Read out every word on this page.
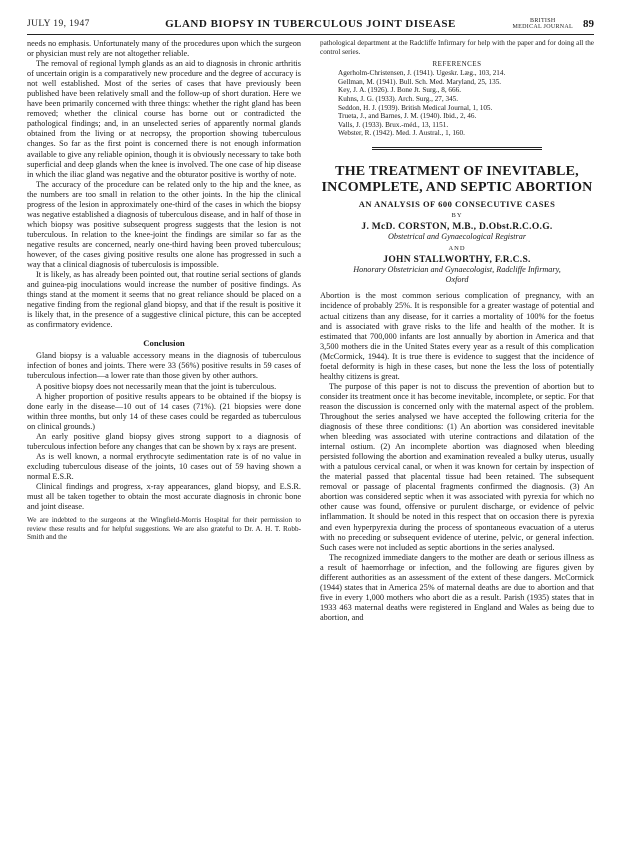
JULY 19, 1947	GLAND BIOPSY IN TUBERCULOUS JOINT DISEASE	BRITISH
MEDICAL JOURNAL 89

needs no emphasis. Unfortunately many of the procedures upon which the surgeon or physician must rely are not altogether reliable.

The removal of regional lymph glands as an aid to diagnosis in chronic arthritis of uncertain origin is a comparatively new procedure and the degree of accuracy is not well established. Most of the series of cases that have previously been published have been relatively small and the follow-up of short duration. Here we have been primarily concerned with three things: whether the right gland has been removed; whether the clinical course has borne out or contradicted the pathological findings; and, in an unselected series of apparently normal glands obtained from the living or at necropsy, the proportion showing tuberculous changes. So far as the first point is concerned there is not enough information available to give any reliable opinion, though it is obviously necessary to take both superficial and deep glands when the knee is involved. The one case of hip disease in which the iliac gland was negative and the obturator positive is worthy of note.

The accuracy of the procedure can be related only to the hip and the knee, as the numbers are too small in relation to the other joints. In the hip the clinical progress of the lesion in approximately one-third of the cases in which the biopsy was negative established a diagnosis of tuberculous disease, and in half of those in which biopsy was positive subsequent progress suggests that the lesion is not tuberculous. In relation to the knee-joint the findings are similar so far as the negative results are concerned, nearly one-third having been proved tuberculous; however, of the cases giving positive results one alone has progressed in such a way that a clinical diagnosis of tuberculosis is impossible.

It is likely, as has already been pointed out, that routine serial sections of glands and guinea-pig inoculations would increase the number of positive findings. As things stand at the moment it seems that no great reliance should be placed on a negative finding from the regional gland biopsy, and that if the result is positive it is likely that, in the presence of a suggestive clinical picture, this can be accepted as confirmatory evidence.

Conclusion

Gland biopsy is a valuable accessory means in the diagnosis of tuberculous infection of bones and joints. There were 33 (56%) positive results in 59 cases of tuberculous infection—a lower rate than those given by other authors.

A positive biopsy does not necessarily mean that the joint is tuberculous.

A higher proportion of positive results appears to be obtained if the biopsy is done early in the disease—10 out of 14 cases (71%). (21 biopsies were done within three months, but only 14 of these cases could be regarded as tuberculous on clinical grounds.)

An early positive gland biopsy gives strong support to a diagnosis of tuberculous infection before any changes that can be shown by x rays are present.

As is well known, a normal erythrocyte sedimentation rate is of no value in excluding tuberculous disease of the joints, 10 cases out of 59 having shown a normal E.S.R.

Clinical findings and progress, x-ray appearances, gland biopsy, and E.S.R. must all be taken together to obtain the most accurate diagnosis in chronic bone and joint disease.

We are indebted to the surgeons at the Wingfield-Morris Hospital for their permission to review these results and for helpful suggestions. We are also grateful to Dr. A. H. T. Robb-Smith and the

pathological department at the Radcliffe Infirmary for help with the paper and for doing all the control series.

REFERENCES
Agerholm-Christensen, J. (1941). Ugeskr. Læg., 103, 214.
Gellman, M. (1941). Bull. Sch. Med. Maryland, 25, 135.
Key, J. A. (1926). J. Bone Jt. Surg., 8, 666.
Kuhns, J. G. (1933). Arch. Surg., 27, 345.
Seddon, H. J. (1939). British Medical Journal, 1, 105.
Trueta, J., and Barnes, J. M. (1940). Ibid., 2, 46.
Valls, J. (1933). Brux.-méd., 13, 1151.
Webster, R. (1942). Med. J. Austral., 1, 160.
THE TREATMENT OF INEVITABLE,
INCOMPLETE, AND SEPTIC ABORTION
AN ANALYSIS OF 600 CONSECUTIVE CASES
BY
J. McD. CORSTON, M.B., D.Obst.R.C.O.G.
Obstetrical and Gynaecological Registrar
AND
JOHN STALLWORTHY, F.R.C.S.
Honorary Obstetrician and Gynaecologist, Radcliffe Infirmary,
Oxford

Abortion is the most common serious complication of pregnancy, with an incidence of probably 25%. It is responsible for a greater wastage of potential and actual citizens than any disease, for it carries a mortality of 100% for the foetus and is associated with grave risks to the life and health of the mother. It is estimated that 700,000 infants are lost annually by abortion in America and that 3,500 mothers die in the United States every year as a result of this complication (McCormick, 1944). It is true there is evidence to suggest that the incidence of foetal deformity is high in these cases, but none the less the loss of potentially healthy citizens is great.

The purpose of this paper is not to discuss the prevention of abortion but to consider its treatment once it has become inevitable, incomplete, or septic. For that reason the discussion is concerned only with the maternal aspect of the problem. Throughout the series analysed we have accepted the following criteria for the diagnosis of these three conditions: (1) An abortion was considered inevitable when bleeding was associated with uterine contractions and dilatation of the internal ostium. (2) An incomplete abortion was diagnosed when bleeding persisted following the abortion and examination revealed a bulky uterus, usually with a patulous cervical canal, or when it was known for certain by inspection of the material passed that placental tissue had been retained. The subsequent removal or passage of placental fragments confirmed the diagnosis. (3) An abortion was considered septic when it was associated with pyrexia for which no other cause was found, offensive or purulent discharge, or evidence of pelvic inflammation. It should be noted in this respect that on occasion there is pyrexia and even hyperpyrexia during the process of spontaneous evacuation of a uterus with no preceding or subsequent evidence of uterine, pelvic, or general infection. Such cases were not included as septic abortions in the series analysed.

The recognized immediate dangers to the mother are death or serious illness as a result of haemorrhage or infection, and the following are figures given by different authorities as an assessment of the extent of these dangers. McCormick (1944) states that in America 25% of maternal deaths are due to abortion and that five in every 1,000 mothers who abort die as a result. Parish (1935) states that in 1933 463 maternal deaths were registered in England and Wales as being due to abortion, and
